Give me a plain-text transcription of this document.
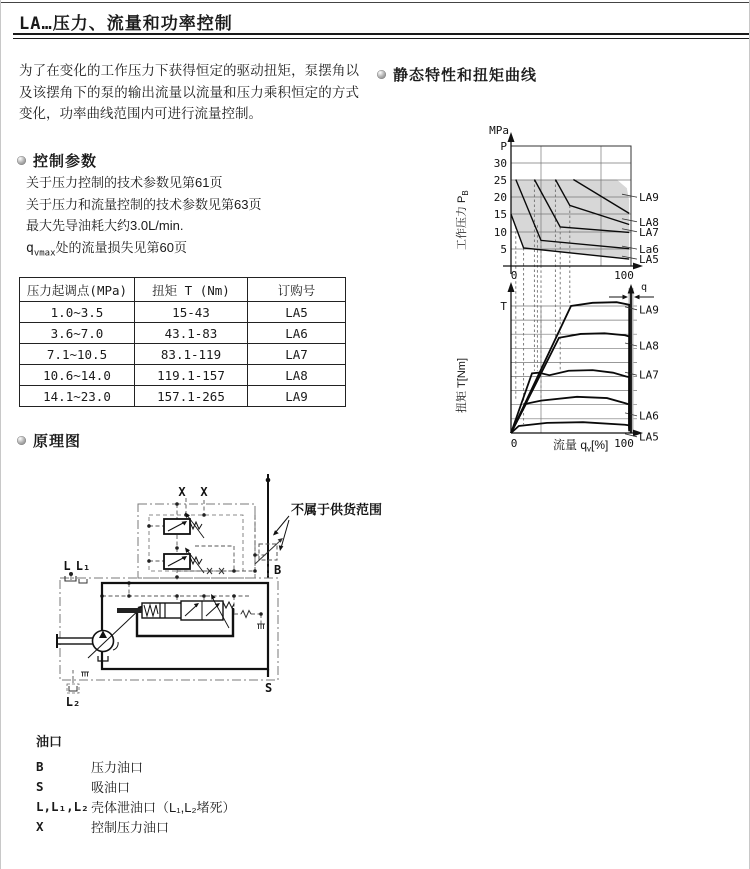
LA…压力、流量和功率控制

为了在变化的工作压力下获得恒定的驱动扭矩，泵摆角以及该摆角下的泵的输出流量以流量和压力乘积恒定的方式变化，功率曲线范围内可进行流量控制。

控制参数
关于压力控制的技术参数见第61页
关于压力和流量控制的技术参数见第63页
最大先导油耗大约3.0L/min.
$q_{vmax}$处的流量损失见第60页
压力起调点(MPa)	扭矩 T (Nm)	订购号
1.0~3.5	15-43	LA5
3.6~7.0	43.1-83	LA6
7.1~10.5	83.1-119	LA7
10.6~14.0	119.1-157	LA8
14.1~23.0	157.1-265	LA9
静态特性和扭矩曲线
q
LA5
La6
LA7
LA8
LA9
LA5
LA6
LA7
LA8
LA9
MPa
P
30
25
20
15
10
5
0	100
工作压力 $P_B$
T
0	100
扭矩 T[Nm]
流量 $q_v[\%]$
原理图
X X
L L₁
L₂
B
S
不属于供货范围
油口
B	压力油口
S	吸油口
L,L₁,L₂ 壳体泄油口（L₁,L₂堵死）
X	控制压力油口
